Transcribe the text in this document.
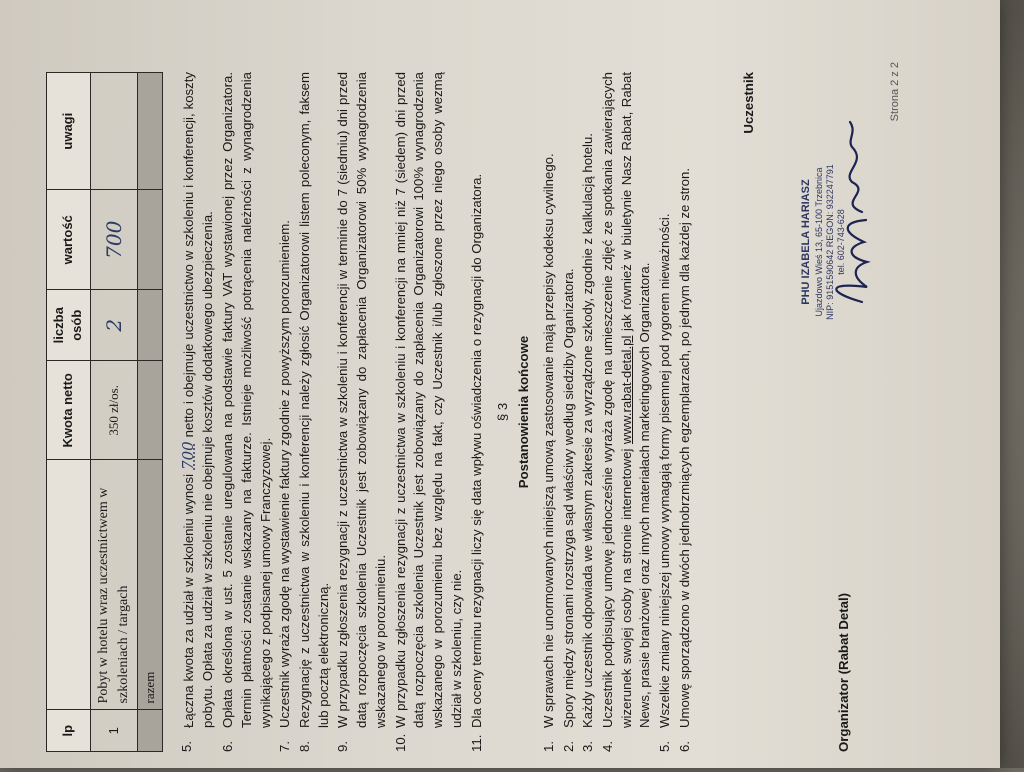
lp		Kwota netto	liczba osób	wartość	uwagi
1	Pobyt w hotelu wraz uczestnictwem w szkoleniach / targach	350 zł/os.	2	700	
	razem				
5.
Łączna kwota za udział w szkoleniu wynosi 700 netto i obejmuje uczestnictwo w szkoleniu i konferencji, koszty pobytu. Opłata za udział w szkoleniu nie obejmuje kosztów dodatkowego ubezpieczenia.
6.
Opłata określona w ust. 5 zostanie uregulowana na podstawie faktury VAT wystawionej przez Organizatora. Termin płatności zostanie wskazany na fakturze. Istnieje możliwość potrącenia należności z wynagrodzenia wynikającego z podpisanej umowy Franczyzowej.
7.
Uczestnik wyraża zgodę na wystawienie faktury zgodnie z powyższym porozumieniem.
8.
Rezygnację z uczestnictwa w szkoleniu i konferencji należy zgłosić Organizatorowi listem poleconym, faksem lub pocztą elektroniczną.
9.
W przypadku zgłoszenia rezygnacji z uczestnictwa w szkoleniu i konferencji w terminie do 7 (siedmiu) dni przed datą rozpoczęcia szkolenia Uczestnik jest zobowiązany do zapłacenia Organizatorowi 50% wynagrodzenia wskazanego w porozumieniu.
10.
W przypadku zgłoszenia rezygnacji z uczestnictwa w szkoleniu i konferencji na mniej niż 7 (siedem) dni przed datą rozpoczęcia szkolenia Uczestnik jest zobowiązany do zapłacenia Organizatorowi 100% wynagrodzenia wskazanego w porozumieniu bez względu na fakt, czy Uczestnik i/lub zgłoszone przez niego osoby wezmą udział w szkoleniu, czy nie.
11.
Dla oceny terminu rezygnacji liczy się data wpływu oświadczenia o rezygnacji do Organizatora. § 3 Postanowienia końcowe
1.
W sprawach nie unormowanych niniejszą umową zastosowanie mają przepisy kodeksu cywilnego.
2.
Spory między stronami rozstrzyga sąd właściwy według siedziby Organizatora.
3.
Każdy uczestnik odpowiada we własnym zakresie za wyrządzone szkody, zgodnie z kalkulacją hotelu.
4.
Uczestnik podpisujący umowę jednocześnie wyraża zgodę na umieszczenie zdjęć ze spotkania zawierających wizerunek swojej osoby na stronie internetowej www.rabat-detal.pl jak również w biuletynie Nasz Rabat, Rabat News, prasie branżowej oraz innych materiałach marketingowych Organizatora.
5.
Wszelkie zmiany niniejszej umowy wymagają formy pisemnej pod rygorem nieważności.
6.
Umowę sporządzono w dwóch jednobrzmiących egzemplarzach, po jednym dla każdej ze stron.	Organizator (Rabat Detal)
Uczestnik
PHU IZABELA HARIASZ Ujazdowo Wieś 13, 65-100 Trzebnica NIP: 9151590642 REGON: 932247791 tel. 602-743-628
Strona 2 z 2
